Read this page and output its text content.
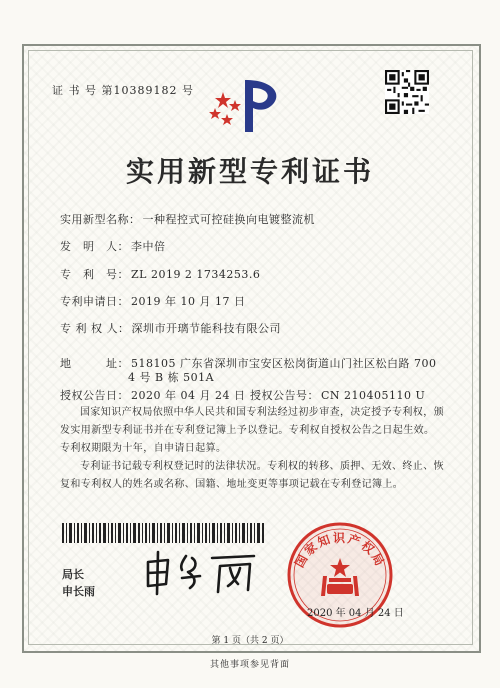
证 书 号 第10389182 号
实用新型专利证书
实用新型名称： 一种程控式可控硅换向电镀整流机
发　明　人： 李中倍
专　利　号： ZL 2019 2 1734253.6
专利申请日： 2019 年 10 月 17 日
专 利 权 人： 深圳市开璃节能科技有限公司
地　　　址： 518105 广东省深圳市宝安区松岗街道山门社区松白路 700
4 号 B 栋 501A
授权公告日： 2020 年 04 月 24 日 授权公告号： CN 210405110 U
国家知识产权局依照中华人民共和国专利法经过初步审查，决定授予专利权，颁发实用新型专利证书并在专利登记簿上予以登记。专利权自授权公告之日起生效。专利权期限为十年，自申请日起算。
专利证书记载专利权登记时的法律状况。专利权的转移、质押、无效、终止、恢复和专利权人的姓名或名称、国籍、地址变更等事项记载在专利登记簿上。
局长
申长雨
国家知识产权局
2020 年 04 月 24 日
第 1 页（共 2 页）
其他事项参见背面
